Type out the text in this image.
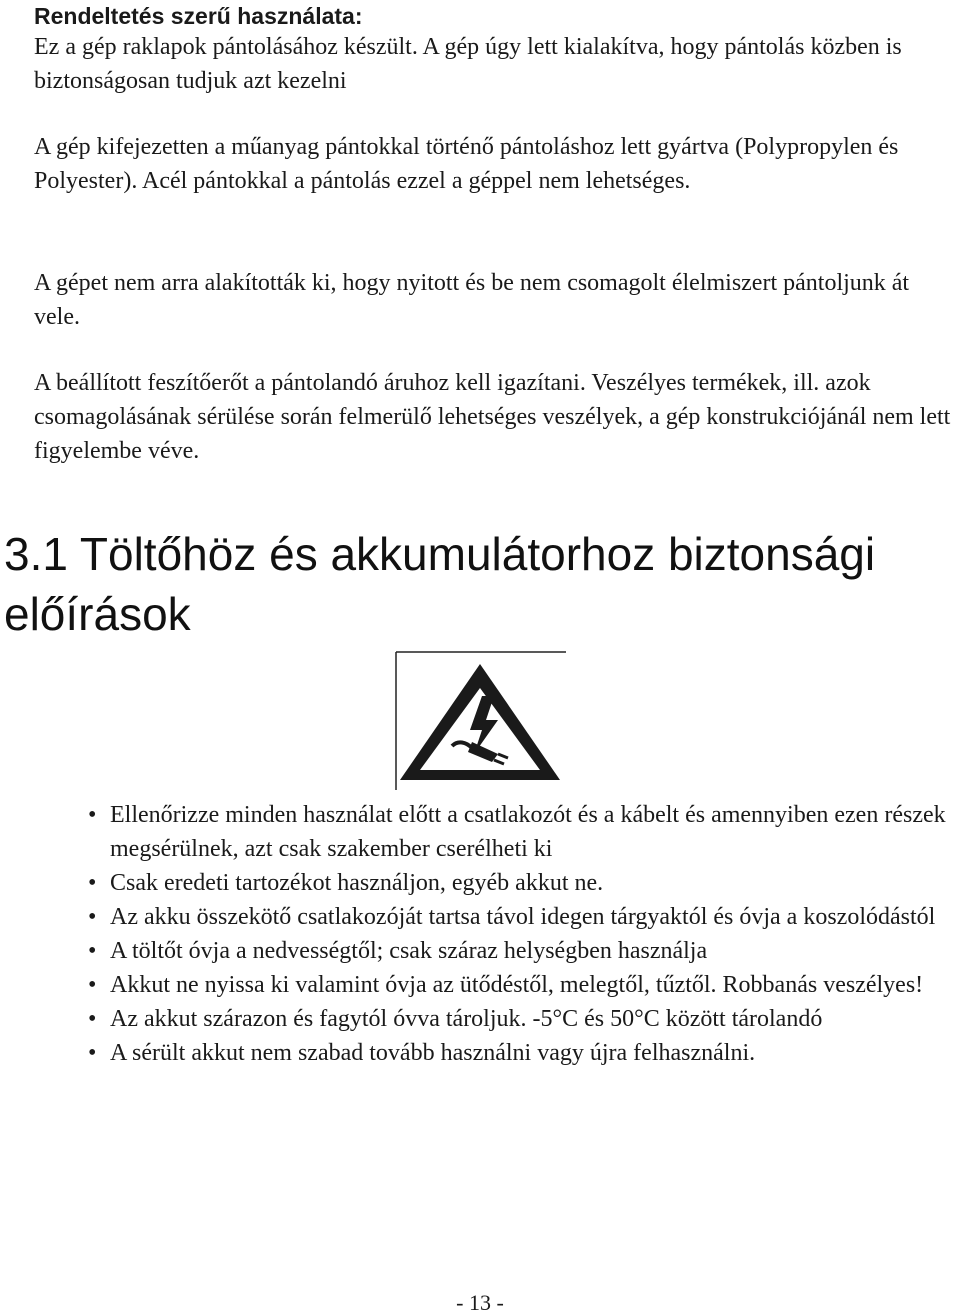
Rendeltetés szerű használata:

Ez a gép raklapok pántolásához készült. A gép úgy lett kialakítva, hogy pántolás közben is biztonságosan tudjuk azt kezelni

A gép kifejezetten a műanyag pántokkal történő pántoláshoz lett gyártva (Polypropylen és Polyester). Acél pántokkal a pántolás ezzel a géppel nem lehetséges.

A gépet nem arra alakították ki, hogy nyitott és be nem csomagolt élelmiszert pántoljunk át vele.

A beállított feszítőerőt a pántolandó áruhoz kell igazítani. Veszélyes termékek, ill. azok csomagolásának sérülése során felmerülő lehetséges veszélyek, a gép konstrukciójánál nem lett figyelembe véve.

3.1 Töltőhöz és akkumulátorhoz biztonsági előírások
• Ellenőrizze minden használat előtt a csatlakozót és a kábelt és amennyiben ezen részek megsérülnek, azt csak szakember cserélheti ki
• Csak eredeti tartozékot használjon, egyéb akkut ne.
• Az akku összekötő csatlakozóját tartsa távol idegen tárgyaktól és óvja a koszolódástól
• A töltőt óvja a nedvességtől; csak száraz helységben használja
• Akkut ne nyissa ki valamint óvja az ütődéstől, melegtől, tűztől. Robbanás veszélyes!
• Az akkut szárazon és fagytól óvva tároljuk. -5°C és 50°C között tárolandó
• A sérült akkut nem szabad tovább használni vagy újra felhasználni.
- 13 -
